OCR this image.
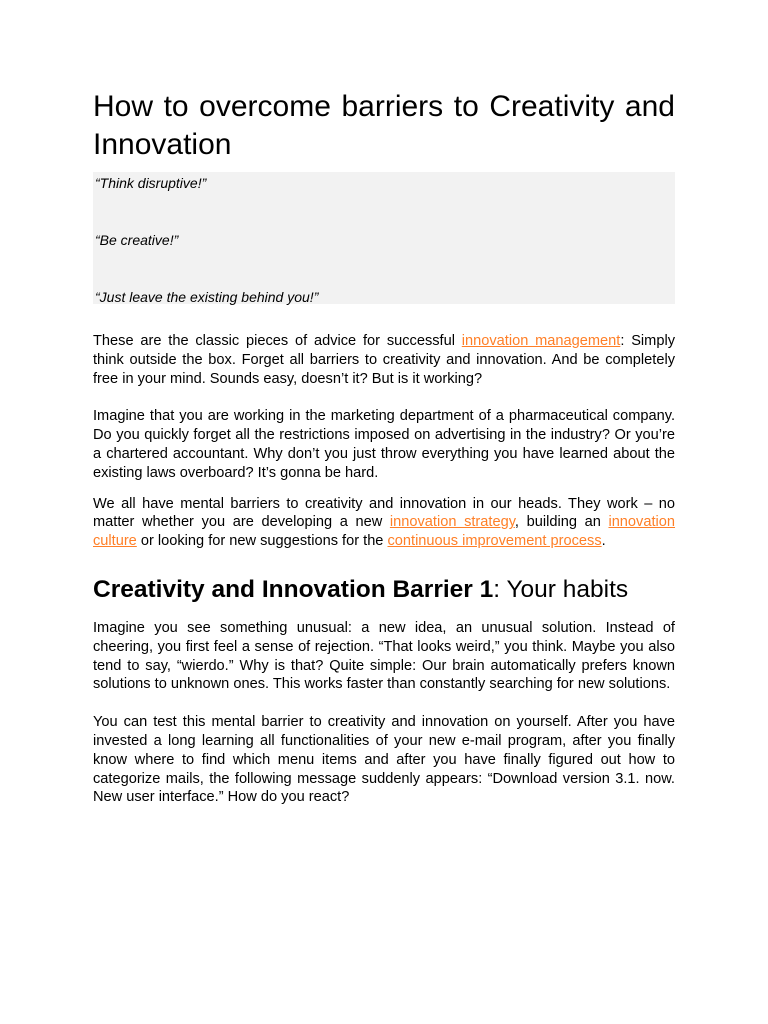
How to overcome barriers to Creativity and Innovation
“Think disruptive!”
“Be creative!”
“Just leave the existing behind you!”

These are the classic pieces of advice for successful innovation management: Simply think outside the box. Forget all barriers to creativity and innovation. And be completely free in your mind. Sounds easy, doesn’t it? But is it working?

Imagine that you are working in the marketing department of a pharmaceutical company. Do you quickly forget all the restrictions imposed on advertising in the industry? Or you’re a chartered accountant. Why don’t you just throw everything you have learned about the existing laws overboard? It’s gonna be hard.

We all have mental barriers to creativity and innovation in our heads. They work – no matter whether you are developing a new innovation strategy, building an innovation culture or looking for new suggestions for the continuous improvement process.

Creativity and Innovation Barrier 1: Your habits

Imagine you see something unusual: a new idea, an unusual solution. Instead of cheering, you first feel a sense of rejection. “That looks weird,” you think. Maybe you also tend to say, “wierdo.” Why is that? Quite simple: Our brain automatically prefers known solutions to unknown ones. This works faster than constantly searching for new solutions.

You can test this mental barrier to creativity and innovation on yourself. After you have invested a long learning all functionalities of your new e-mail program, after you finally know where to find which menu items and after you have finally figured out how to categorize mails, the following message suddenly appears: “Download version 3.1. now. New user interface.” How do you react?
